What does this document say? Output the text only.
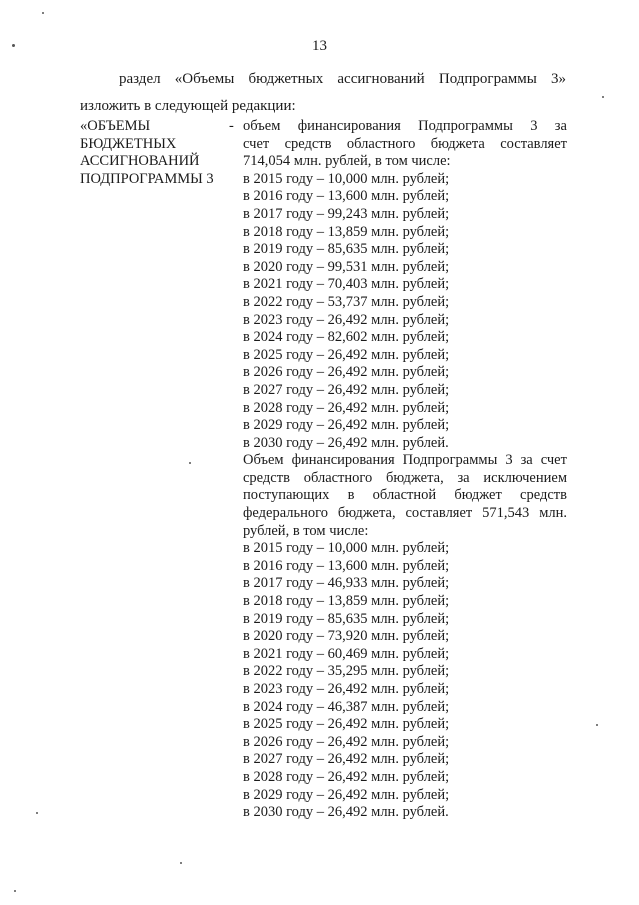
13
раздел «Объемы бюджетных ассигнований Подпрограммы 3»
изложить в следующей редакции:
«ОБЪЕМЫ
БЮДЖЕТНЫХ
АССИГНОВАНИЙ
ПОДПРОГРАММЫ 3
- объем финансирования Подпрограммы 3 за
счет средств областного бюджета составляет
714,054 млн. рублей, в том числе:
в 2015 году – 10,000 млн. рублей;
в 2016 году – 13,600 млн. рублей;
в 2017 году – 99,243 млн. рублей;
в 2018 году – 13,859 млн. рублей;
в 2019 году – 85,635 млн. рублей;
в 2020 году – 99,531 млн. рублей;
в 2021 году – 70,403 млн. рублей;
в 2022 году – 53,737 млн. рублей;
в 2023 году – 26,492 млн. рублей;
в 2024 году – 82,602 млн. рублей;
в 2025 году – 26,492 млн. рублей;
в 2026 году – 26,492 млн. рублей;
в 2027 году – 26,492 млн. рублей;
в 2028 году – 26,492 млн. рублей;
в 2029 году – 26,492 млн. рублей;
в 2030 году – 26,492 млн. рублей.
Объем финансирования Подпрограммы 3 за счет
средств областного бюджета, за исключением
поступающих в областной бюджет средств
федерального бюджета, составляет 571,543 млн.
рублей, в том числе:
в 2015 году – 10,000 млн. рублей;
в 2016 году – 13,600 млн. рублей;
в 2017 году – 46,933 млн. рублей;
в 2018 году – 13,859 млн. рублей;
в 2019 году – 85,635 млн. рублей;
в 2020 году – 73,920 млн. рублей;
в 2021 году – 60,469 млн. рублей;
в 2022 году – 35,295 млн. рублей;
в 2023 году – 26,492 млн. рублей;
в 2024 году – 46,387 млн. рублей;
в 2025 году – 26,492 млн. рублей;
в 2026 году – 26,492 млн. рублей;
в 2027 году – 26,492 млн. рублей;
в 2028 году – 26,492 млн. рублей;
в 2029 году – 26,492 млн. рублей;
в 2030 году – 26,492 млн. рублей.
